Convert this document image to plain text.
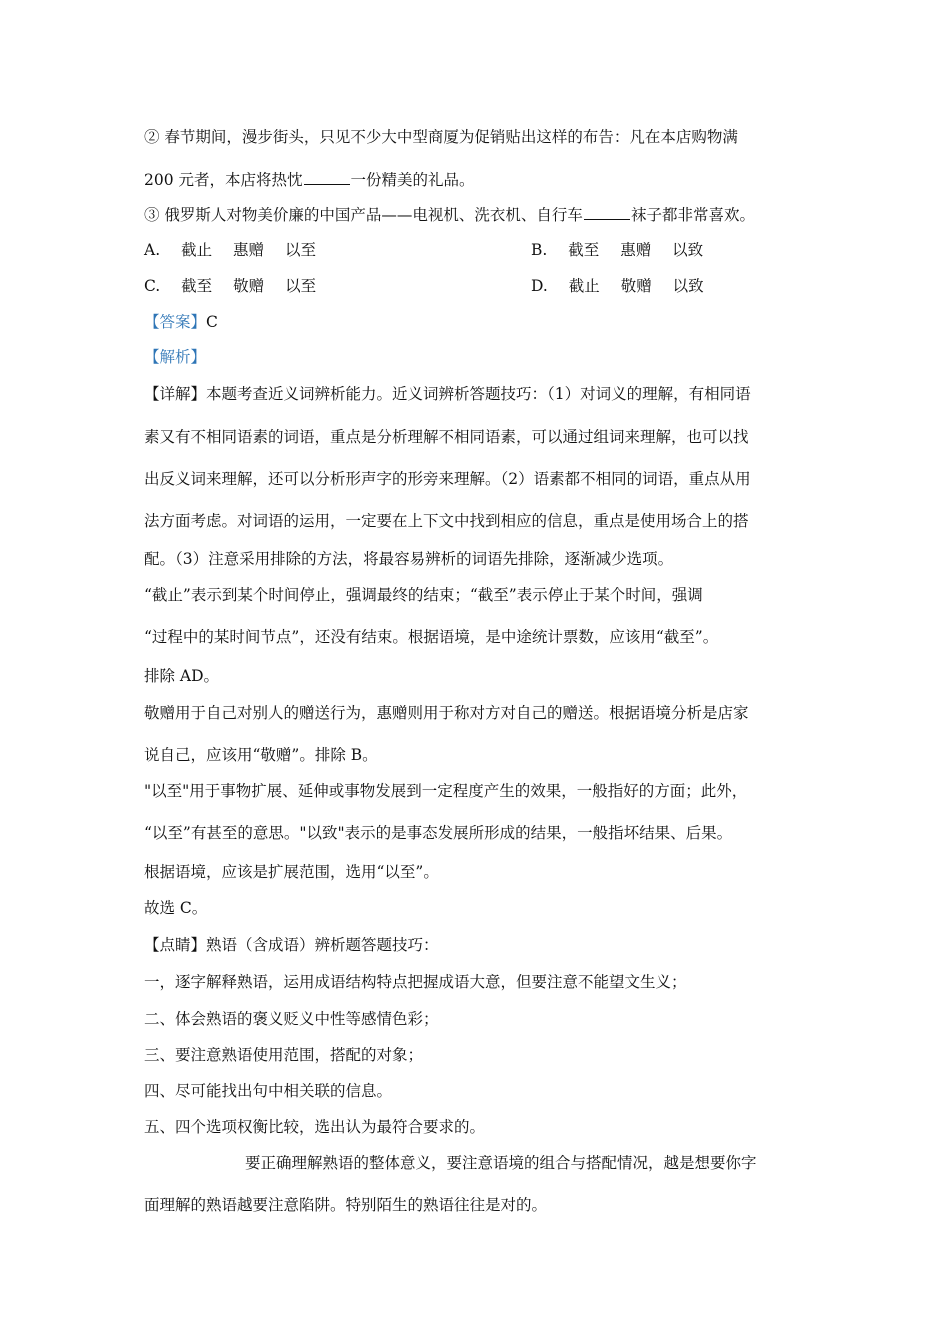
② 春节期间，漫步街头，只见不少大中型商厦为促销贴出这样的布告：凡在本店购物满
200 元者，本店将热忱	一份精美的礼品。
③ 俄罗斯人对物美价廉的中国产品——电视机、洗衣机、自行车	袜子都非常喜欢。
A. 截止 惠赠 以至	B. 截至 惠赠 以致
C. 截至 敬赠 以至	D. 截止 敬赠 以致
【答案】C
【解析】
【详解】本题考查近义词辨析能力。近义词辨析答题技巧：（1）对词义的理解，有相同语
素又有不相同语素的词语，重点是分析理解不相同语素，可以通过组词来理解，也可以找
出反义词来理解，还可以分析形声字的形旁来理解。（2）语素都不相同的词语，重点从用
法方面考虑。对词语的运用，一定要在上下文中找到相应的信息，重点是使用场合上的搭
配。（3）注意采用排除的方法，将最容易辨析的词语先排除，逐渐减少选项。
“截止”表示到某个时间停止，强调最终的结束；“截至”表示停止于某个时间，强调
“过程中的某时间节点”，还没有结束。根据语境，是中途统计票数，应该用“截至”。
排除 AD。
敬赠用于自己对别人的赠送行为，惠赠则用于称对方对自己的赠送。根据语境分析是店家
说自己，应该用“敬赠”。排除 B。
"以至"用于事物扩展、延伸或事物发展到一定程度产生的效果，一般指好的方面；此外，
“以至”有甚至的意思。"以致"表示的是事态发展所形成的结果，一般指坏结果、后果。
根据语境，应该是扩展范围，选用“以至”。
故选 C。
【点睛】熟语（含成语）辨析题答题技巧：
一，逐字解释熟语，运用成语结构特点把握成语大意，但要注意不能望文生义；
二、体会熟语的褒义贬义中性等感情色彩；
三、要注意熟语使用范围，搭配的对象；
四、尽可能找出句中相关联的信息。
五、四个选项权衡比较，选出认为最符合要求的。
要正确理解熟语的整体意义，要注意语境的组合与搭配情况，越是想要你字
面理解的熟语越要注意陷阱。特别陌生的熟语往往是对的。
